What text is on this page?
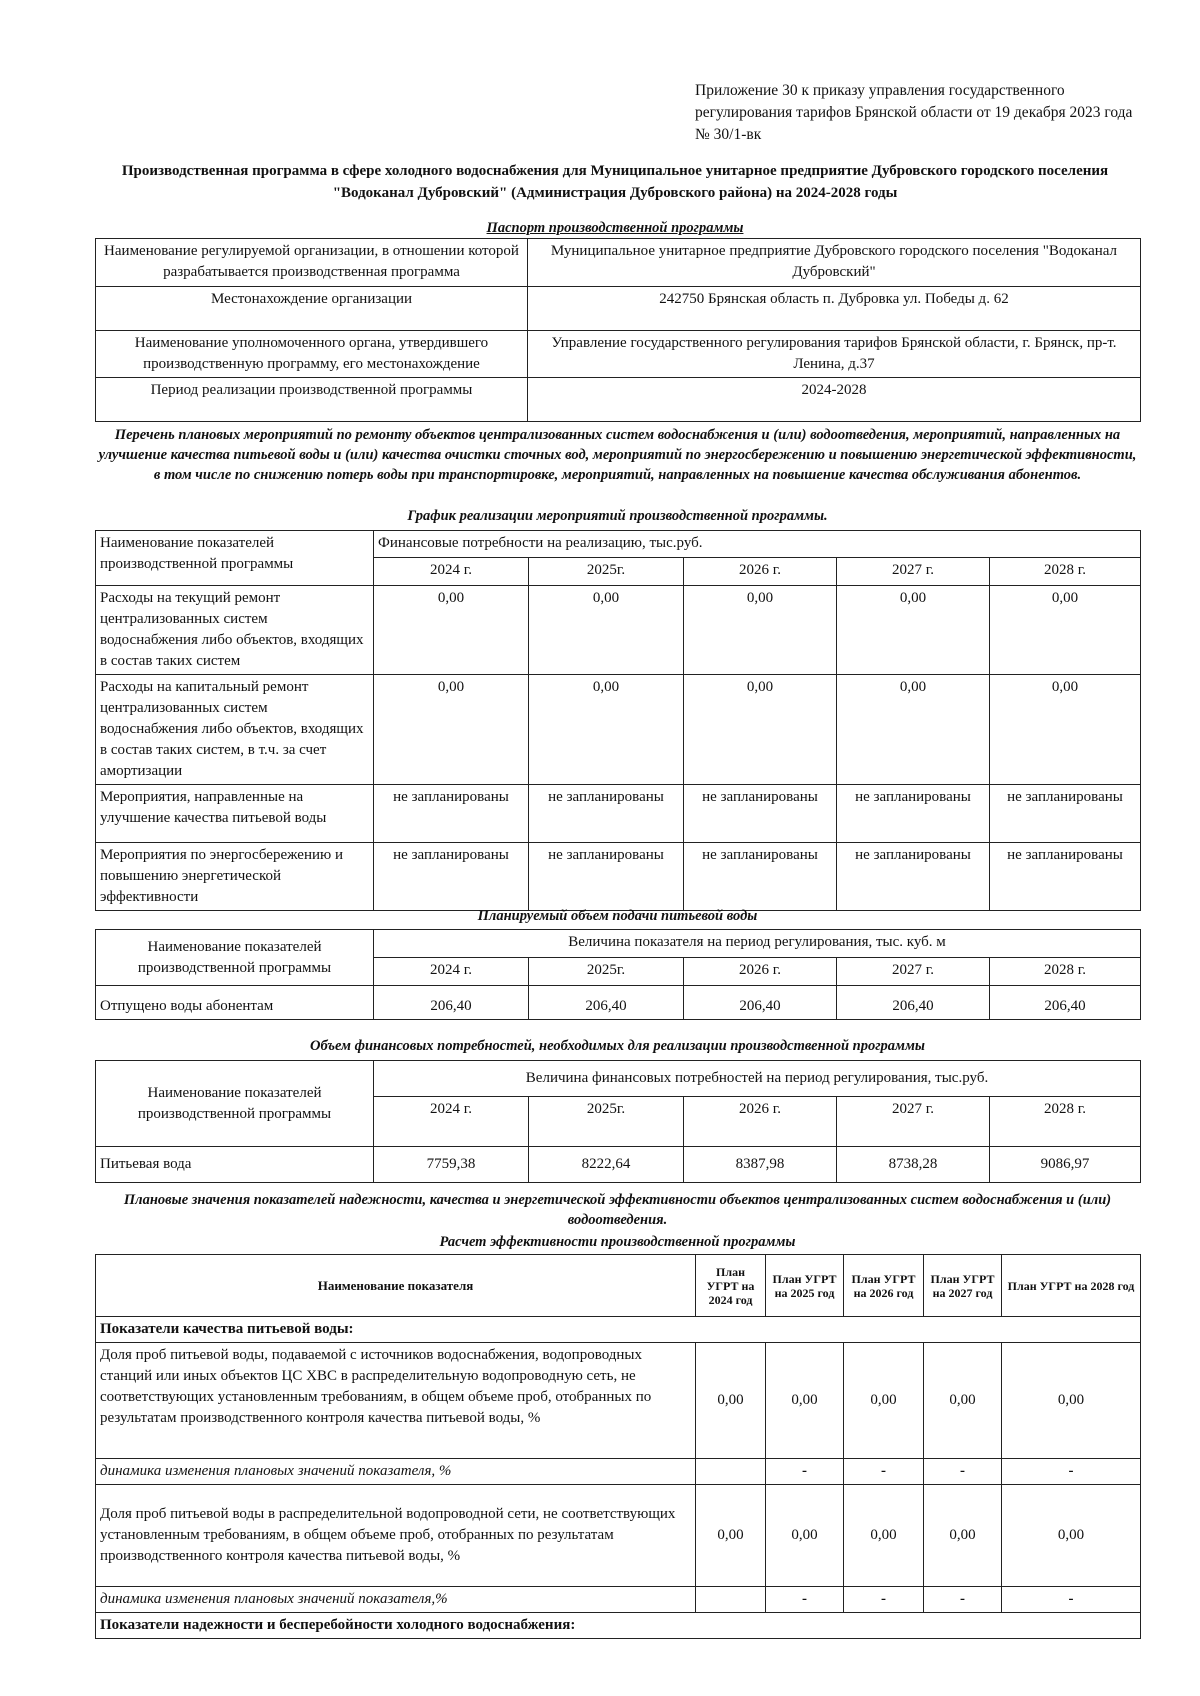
Приложение 30 к приказу управления государственного регулирования тарифов Брянской области от 19 декабря 2023 года № 30/1-вк
Производственная программа в сфере холодного водоснабжения для Муниципальное унитарное предприятие Дубровского городского поселения "Водоканал Дубровский" (Администрация Дубровского района) на 2024-2028 годы
Паспорт производственной программы
Наименование регулируемой организации, в отношении которой разрабатывается производственная программа	Муниципальное унитарное предприятие Дубровского городского поселения "Водоканал Дубровский"
Местонахождение организации	242750 Брянская область п. Дубровка ул. Победы д. 62
Наименование уполномоченного органа, утвердившего производственную программу, его местонахождение	Управление государственного регулирования тарифов Брянской области, г. Брянск, пр-т. Ленина, д.37
Период реализации производственной программы	2024-2028
Перечень плановых мероприятий по ремонту объектов централизованных систем водоснабжения и (или) водоотведения, мероприятий, направленных на улучшение качества питьевой воды и (или) качества очистки сточных вод, мероприятий по энергосбережению и повышению энергетической эффективности, в том числе по снижению потерь воды при транспортировке, мероприятий, направленных на повышение качества обслуживания абонентов.
График реализации мероприятий производственной программы.
Наименование показателей производственной программы	Финансовые потребности на реализацию, тыс.руб.				
	2024 г.	2025г.	2026 г.	2027 г.	2028 г.
Расходы на текущий ремонт централизованных систем водоснабжения либо объектов, входящих в состав таких систем	0,00	0,00	0,00	0,00	0,00
Расходы на капитальный ремонт централизованных систем водоснабжения либо объектов, входящих в состав таких систем, в т.ч. за счет амортизации	0,00	0,00	0,00	0,00	0,00
Мероприятия, направленные на улучшение качества питьевой воды	не запланированы	не запланированы	не запланированы	не запланированы	не запланированы
Мероприятия по энергосбережению и повышению энергетической эффективности	не запланированы	не запланированы	не запланированы	не запланированы	не запланированы
Планируемый объем подачи питьевой воды
Наименование показателей производственной программы	Величина показателя на период регулирования, тыс. куб. м				
	2024 г.	2025г.	2026 г.	2027 г.	2028 г.
Отпущено воды абонентам	206,40	206,40	206,40	206,40	206,40
Объем финансовых потребностей, необходимых для реализации производственной программы
Наименование показателей производственной программы	Величина финансовых потребностей на период регулирования, тыс.руб.				
	2024 г.	2025г.	2026 г.	2027 г.	2028 г.
Питьевая вода	7759,38	8222,64	8387,98	8738,28	9086,97
Плановые значения показателей надежности, качества и энергетической эффективности объектов централизованных систем водоснабжения и (или) водоотведения.
Расчет эффективности производственной программы
Наименование показателя	План УГРТ на 2024 год	План УГРТ на 2025 год	План УГРТ на 2026 год	План УГРТ на 2027 год	План УГРТ на 2028 год
Показатели качества питьевой воды:					
Доля проб питьевой воды, подаваемой с источников водоснабжения, водопроводных станций или иных объектов ЦС ХВС в распределительную водопроводную сеть, не соответствующих установленным требованиям, в общем объеме проб, отобранных по результатам производственного контроля качества питьевой воды, %	0,00	0,00	0,00	0,00	0,00
динамика изменения плановых значений показателя, %		-	-	-	-
Доля проб питьевой воды в распределительной водопроводной сети, не соответствующих установленным требованиям, в общем объеме проб, отобранных по результатам производственного контроля качества питьевой воды, %	0,00	0,00	0,00	0,00	0,00
динамика изменения плановых значений показателя,%		-	-	-	-
Показатели надежности и бесперебойности холодного водоснабжения:					
